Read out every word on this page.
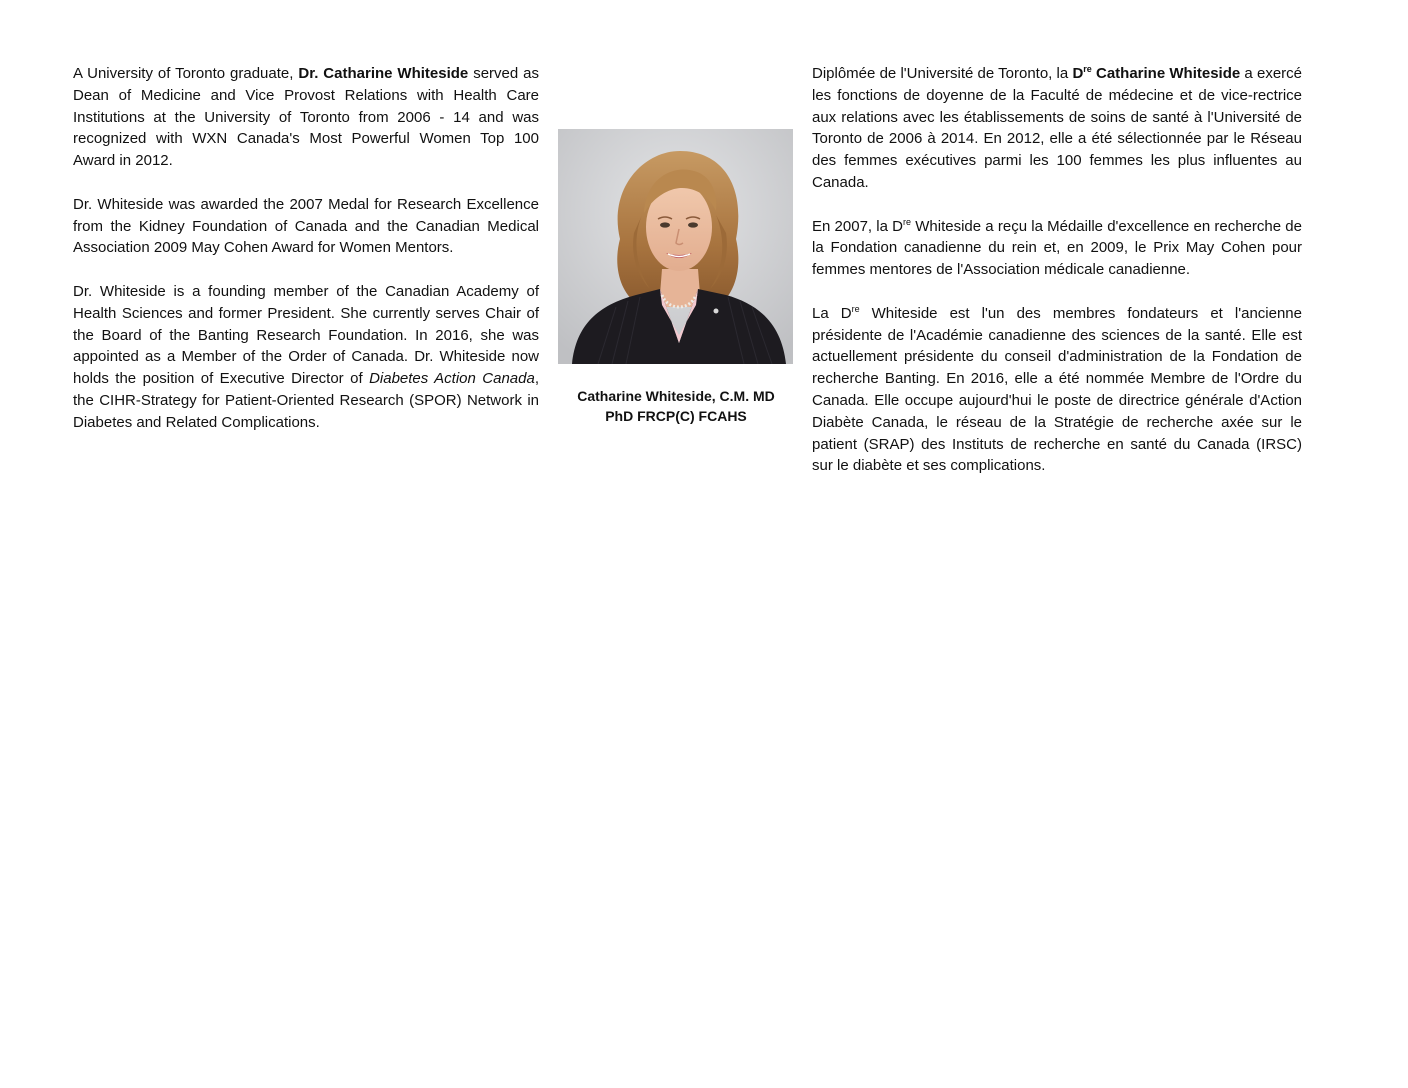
A University of Toronto graduate, Dr. Catharine Whiteside served as Dean of Medicine and Vice Provost Relations with Health Care Institutions at the University of Toronto from 2006 - 14 and was recognized with WXN Canada's Most Powerful Women Top 100 Award in 2012.

Dr. Whiteside was awarded the 2007 Medal for Research Excellence from the Kidney Foundation of Canada and the Canadian Medical Association 2009 May Cohen Award for Women Mentors.

Dr. Whiteside is a founding member of the Canadian Academy of Health Sciences and former President. She currently serves Chair of the Board of the Banting Research Foundation. In 2016, she was appointed as a Member of the Order of Canada. Dr. Whiteside now holds the position of Executive Director of Diabetes Action Canada, the CIHR-Strategy for Patient-Oriented Research (SPOR) Network in Diabetes and Related Complications.

Catharine Whiteside, C.M. MD
PhD FRCP(C) FCAHS

Diplômée de l'Université de Toronto, la Dre Catharine Whiteside a exercé les fonctions de doyenne de la Faculté de médecine et de vice-rectrice aux relations avec les établissements de soins de santé à l'Université de Toronto de 2006 à 2014. En 2012, elle a été sélectionnée par le Réseau des femmes exécutives parmi les 100 femmes les plus influentes au Canada.

En 2007, la Dre Whiteside a reçu la Médaille d'excellence en recherche de la Fondation canadienne du rein et, en 2009, le Prix May Cohen pour femmes mentores de l'Association médicale canadienne.

La Dre Whiteside est l'un des membres fondateurs et l'ancienne présidente de l'Académie canadienne des sciences de la santé. Elle est actuellement présidente du conseil d'administration de la Fondation de recherche Banting. En 2016, elle a été nommée Membre de l'Ordre du Canada. Elle occupe aujourd'hui le poste de directrice générale d'Action Diabète Canada, le réseau de la Stratégie de recherche axée sur le patient (SRAP) des Instituts de recherche en santé du Canada (IRSC) sur le diabète et ses complications.
